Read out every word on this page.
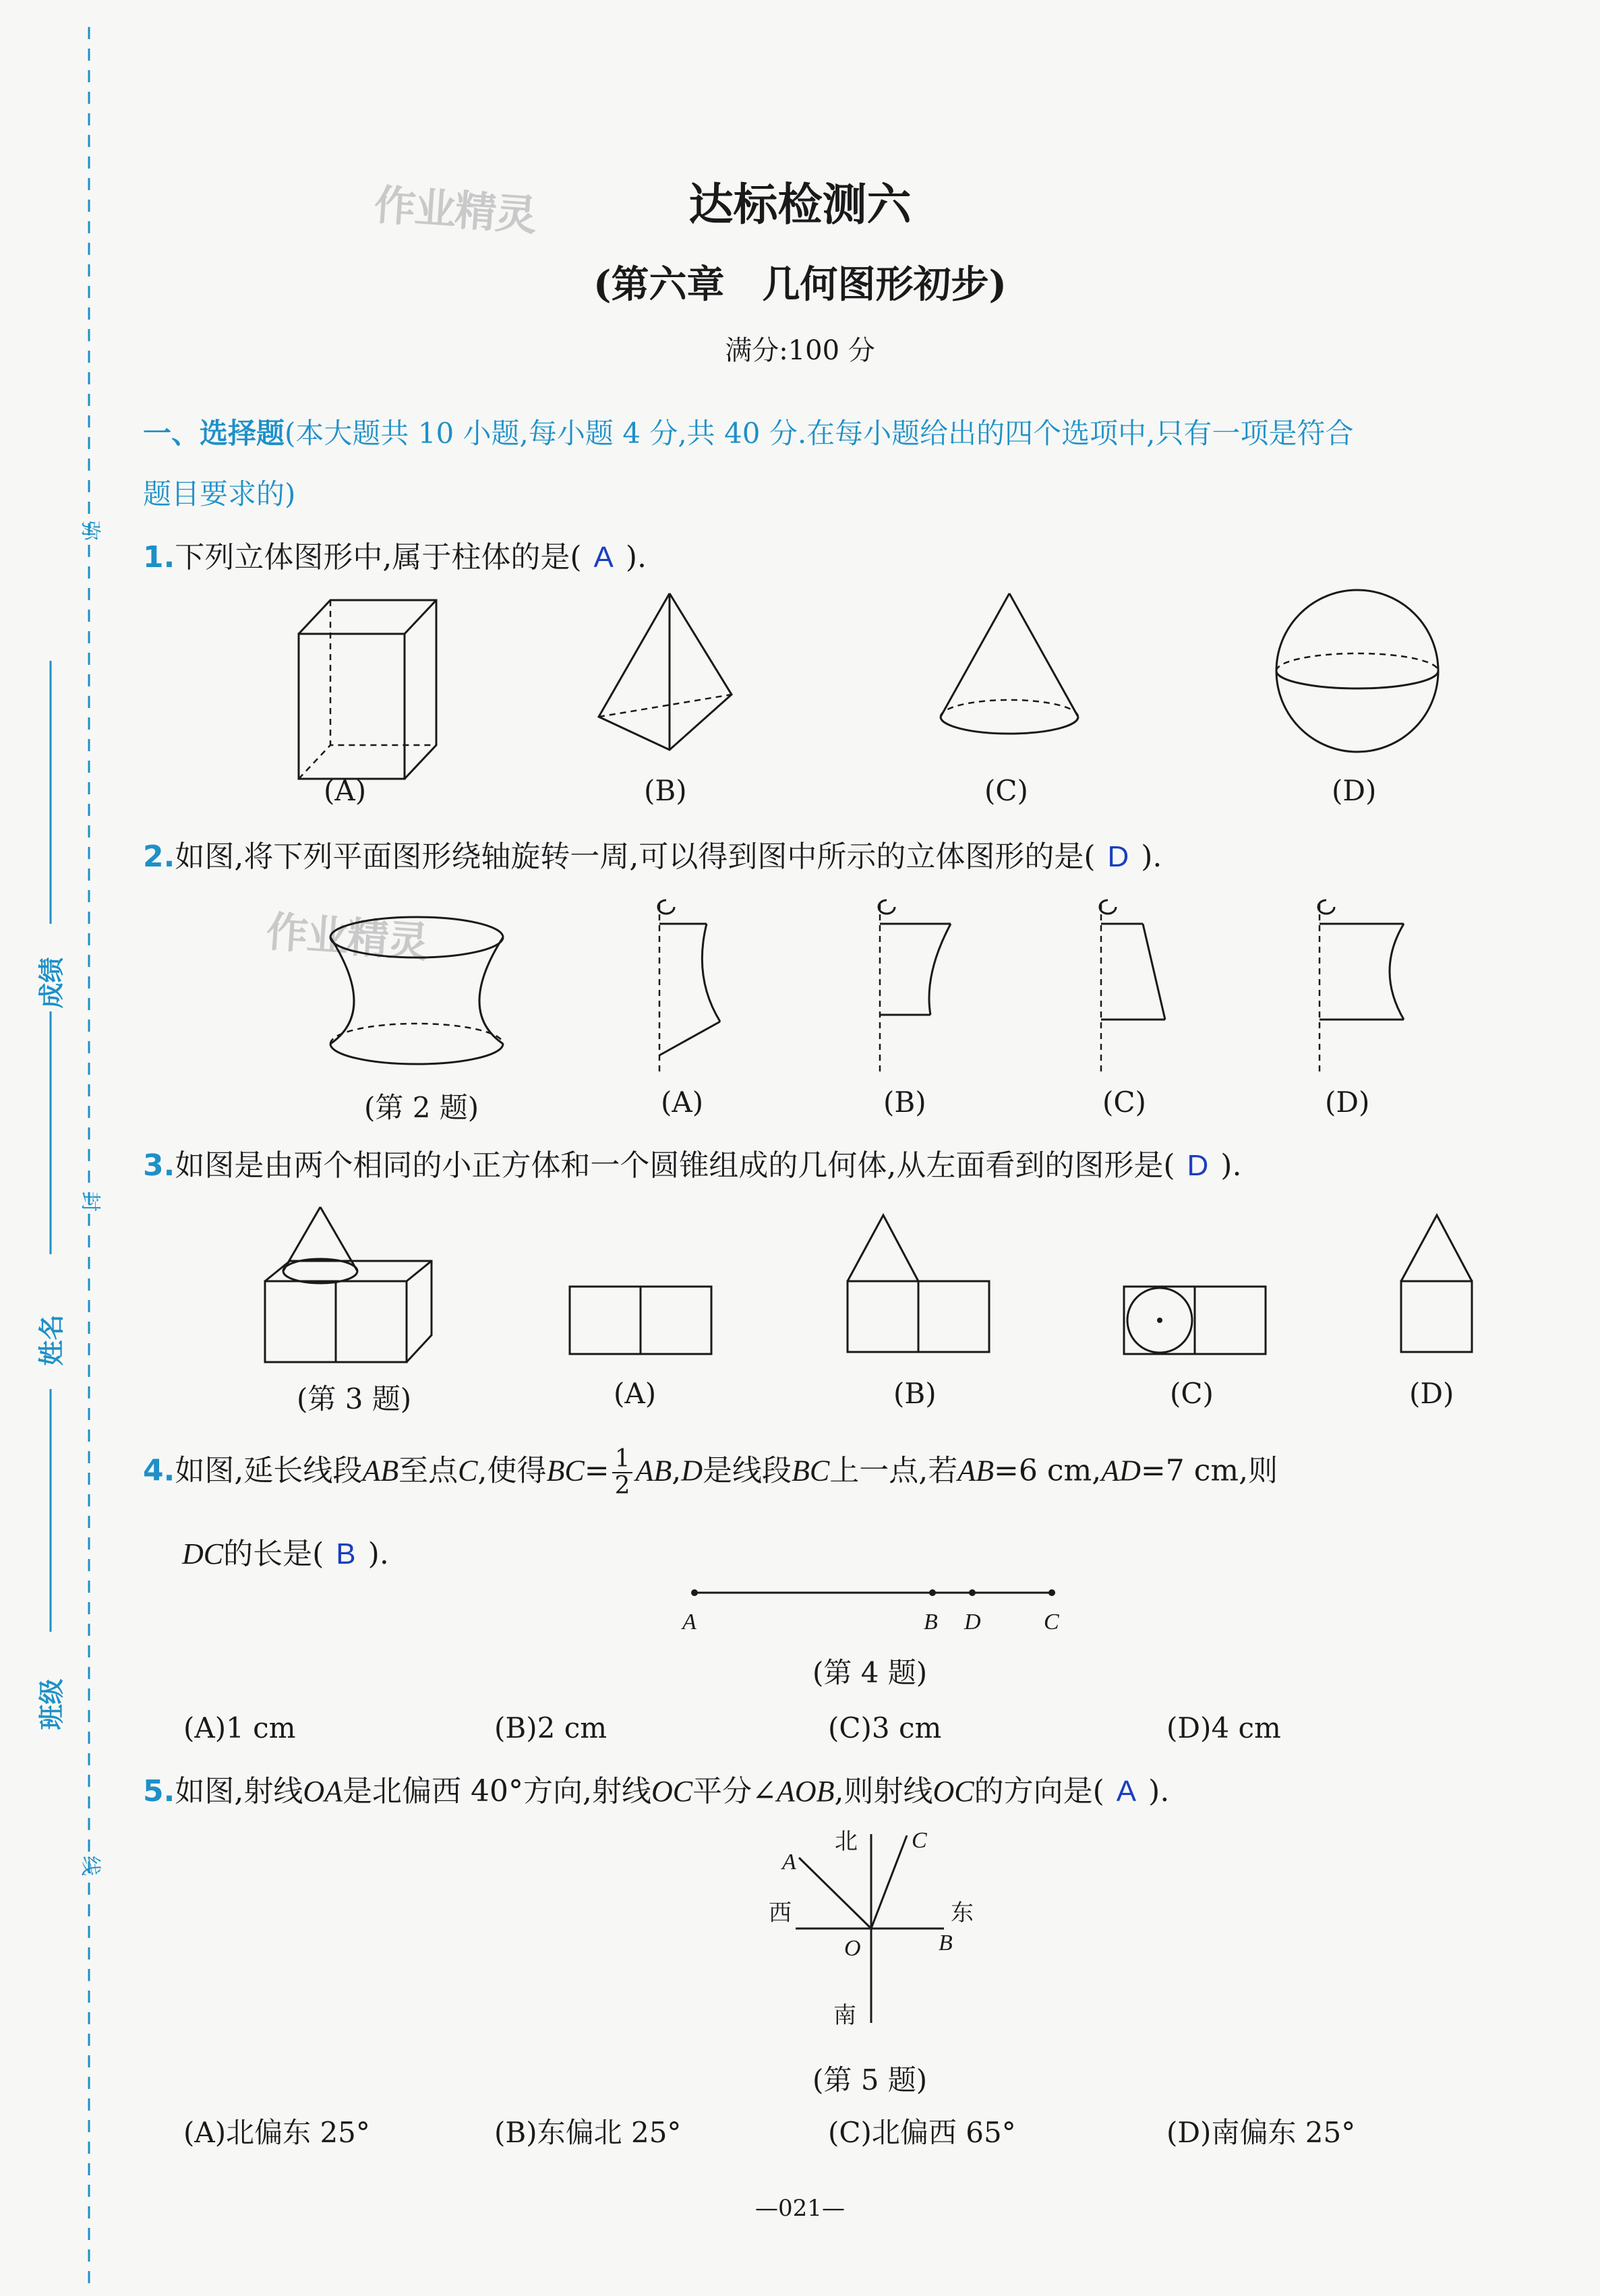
弥
封
线
成绩
姓名
班级
作业精灵
作业精灵
达标检测六
(第六章　几何图形初步)
满分:100 分
一、选择题(本大题共 10 小题,每小题 4 分,共 40 分.在每小题给出的四个选项中,只有一项是符合
题目要求的)
1.下列立体图形中,属于柱体的是( A ).
(A)	(B)	(C)	(D)
2.如图,将下列平面图形绕轴旋转一周,可以得到图中所示的立体图形的是( D ).
(第 2 题)	(A)	(B)	(C)	(D)
3.如图是由两个相同的小正方体和一个圆锥组成的几何体,从左面看到的图形是( D ).
(第 3 题)	(A)	(B)	(C)	(D)
4.如图,延长线段AB至点C,使得$BC= \frac{1}{2} AB,D$是线段BC上一点,若AB=6 cm,AD=7 cm,则
DC的长是( B ).
A	B D	C
(第 4 题)
(A)1 cm	(B)2 cm	(C)3 cm	(D)4 cm
5.如图,射线OA是北偏西 40°方向,射线OC平分∠AOB,则射线OC的方向是( A ).
北
西	东
南
A
C
O	B
(第 5 题)
(A)北偏东 25°	(B)东偏北 25°	(C)北偏西 65°	(D)南偏东 25°
—021—
